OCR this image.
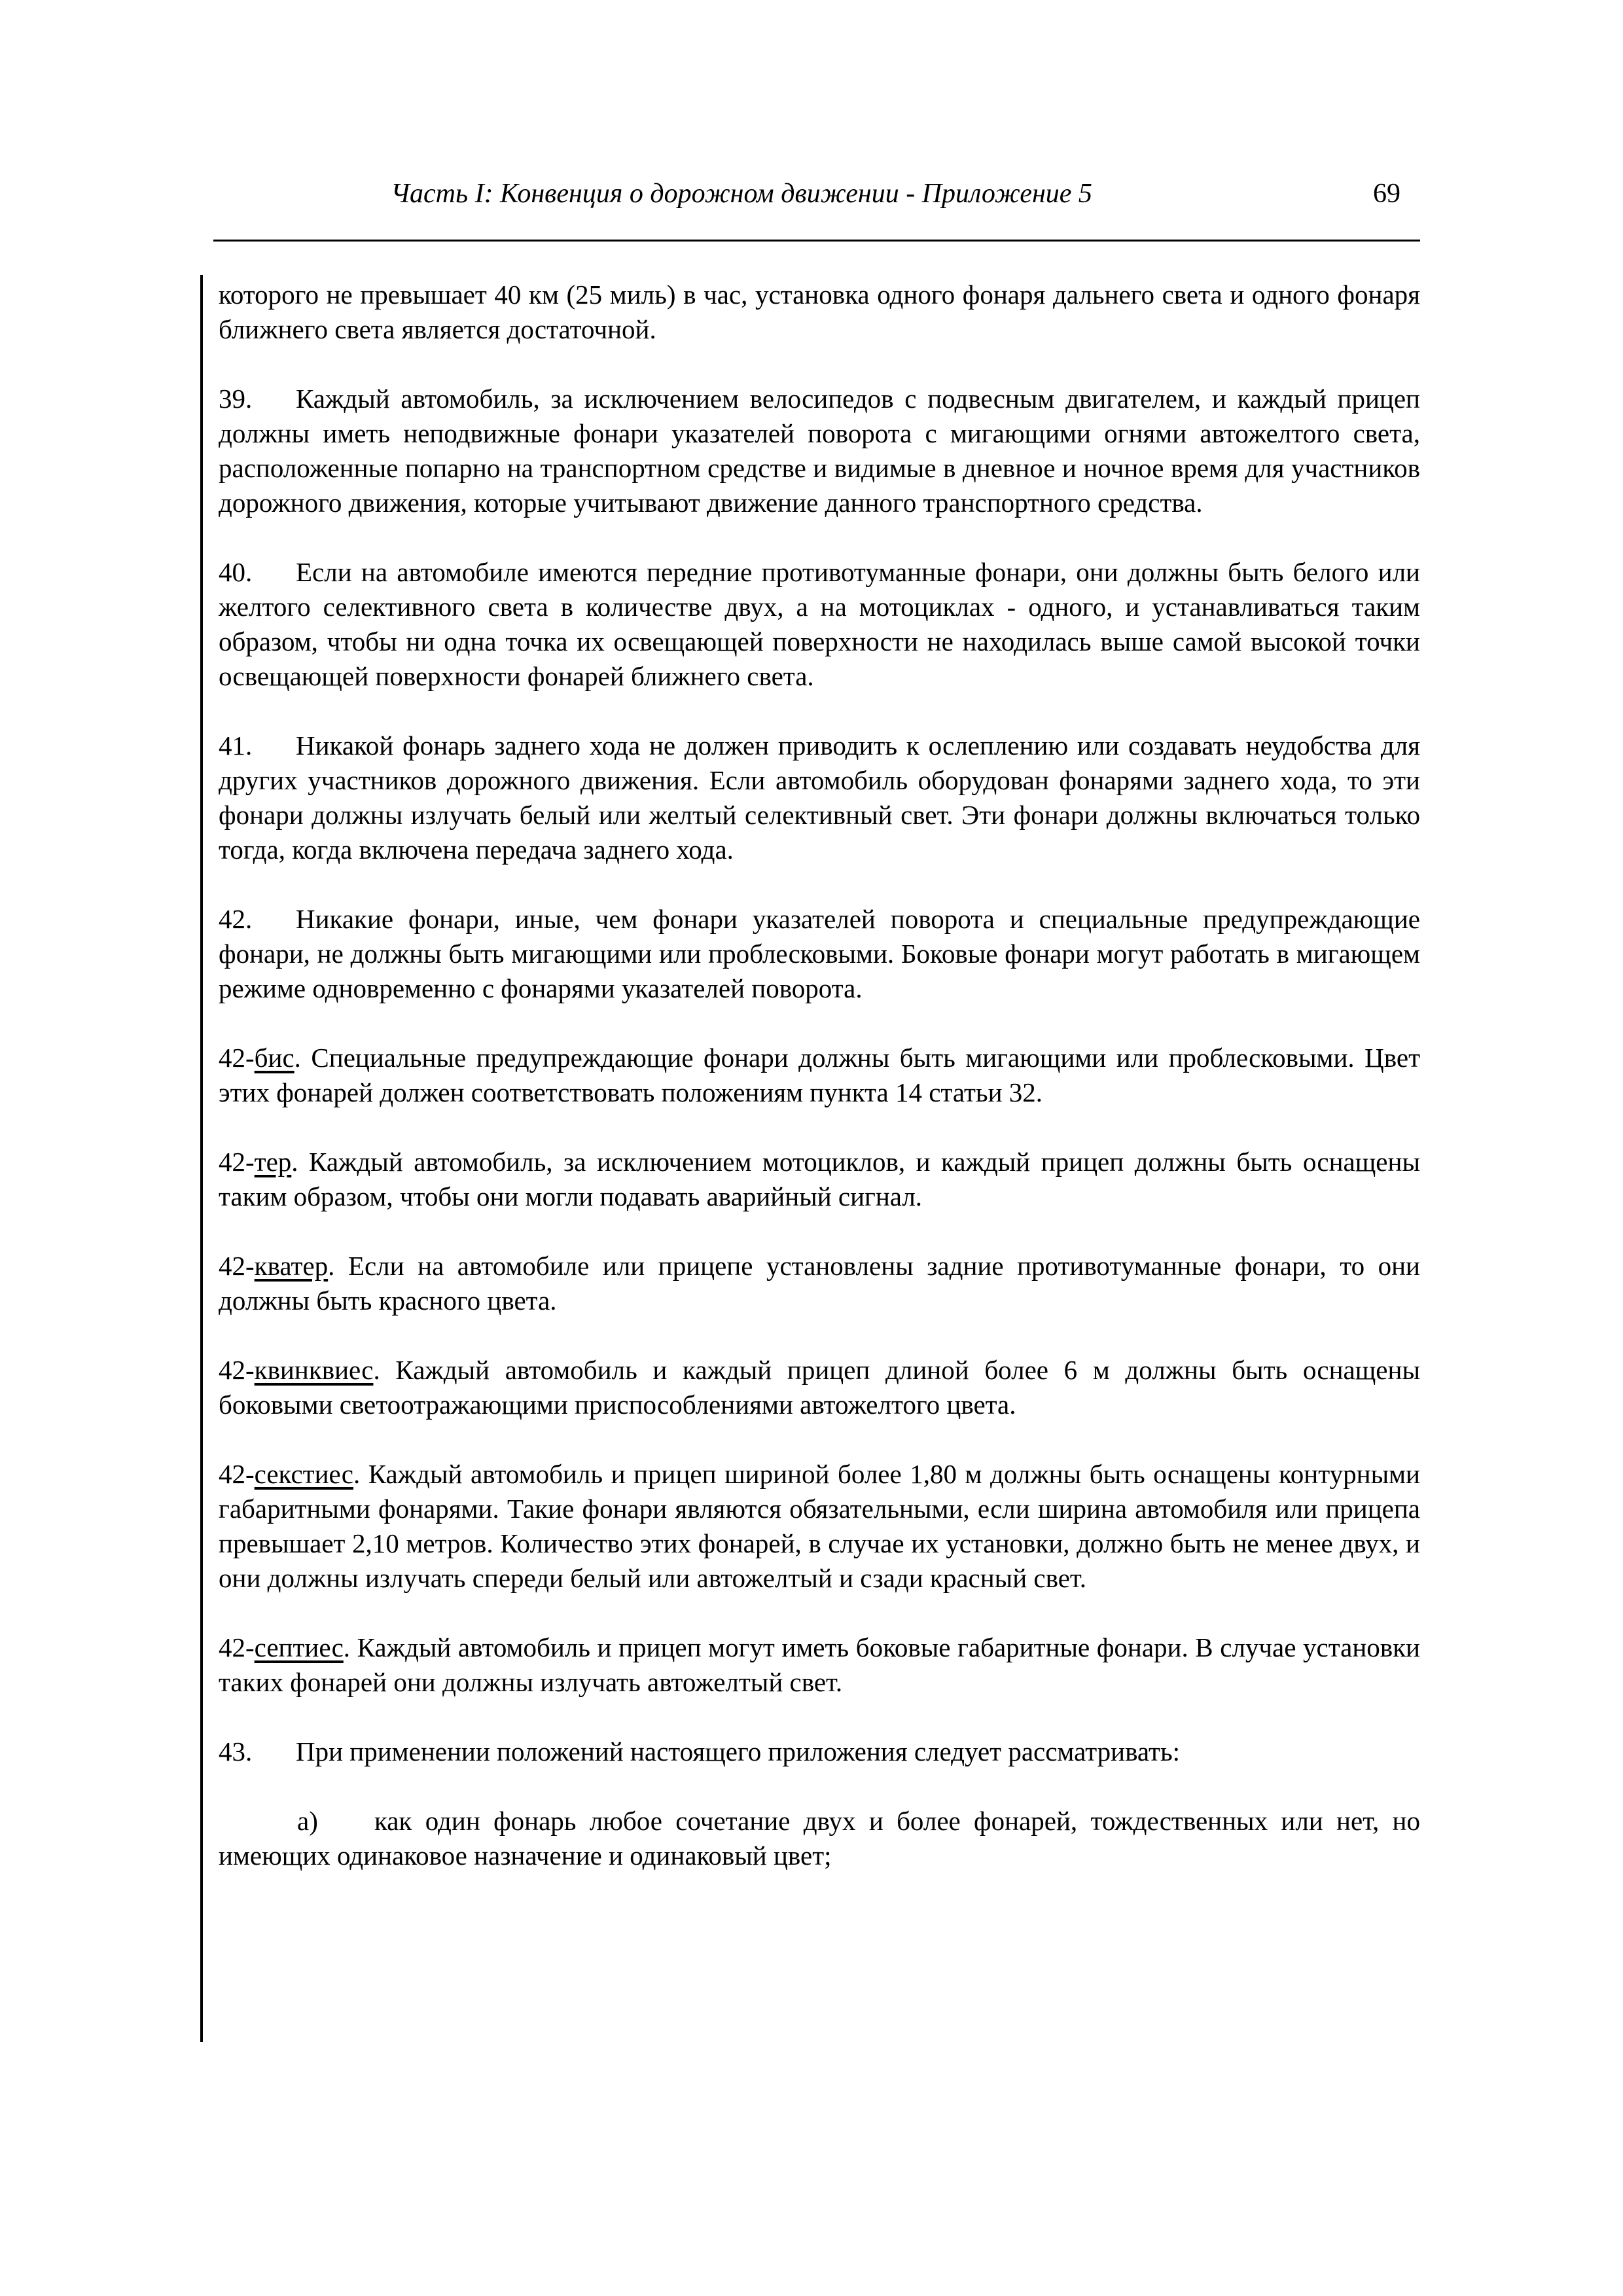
Часть I: Конвенция о дорожном движении - Приложение 5	69

которого не превышает 40 км (25 миль) в час, установка одного фонаря дальнего света и одного фонаря ближнего света является достаточной.

39. Каждый автомобиль, за исключением велосипедов с подвесным двигателем, и каждый прицеп должны иметь неподвижные фонари указателей поворота с мигающими огнями автожелтого света, расположенные попарно на транспортном средстве и видимые в дневное и ночное время для участников дорожного движения, которые учитывают движение данного транспортного средства.

40. Если на автомобиле имеются передние противотуманные фонари, они должны быть белого или желтого селективного света в количестве двух, а на мотоциклах - одного, и устанавливаться таким образом, чтобы ни одна точка их освещающей поверхности не находилась выше самой высокой точки освещающей поверхности фонарей ближнего света.

41. Никакой фонарь заднего хода не должен приводить к ослеплению или создавать неудобства для других участников дорожного движения. Если автомобиль оборудован фонарями заднего хода, то эти фонари должны излучать белый или желтый селективный свет. Эти фонари должны включаться только тогда, когда включена передача заднего хода.

42. Никакие фонари, иные, чем фонари указателей поворота и специальные предупреждающие фонари, не должны быть мигающими или проблесковыми. Боковые фонари могут работать в мигающем режиме одновременно с фонарями указателей поворота.

42-бис. Специальные предупреждающие фонари должны быть мигающими или проблесковыми. Цвет этих фонарей должен соответствовать положениям пункта 14 статьи 32.

42-тер. Каждый автомобиль, за исключением мотоциклов, и каждый прицеп должны быть оснащены таким образом, чтобы они могли подавать аварийный сигнал.

42-кватер. Если на автомобиле или прицепе установлены задние противотуманные фонари, то они должны быть красного цвета.

42-квинквиес. Каждый автомобиль и каждый прицеп длиной более 6 м должны быть оснащены боковыми светоотражающими приспособлениями автожелтого цвета.

42-секстиес. Каждый автомобиль и прицеп шириной более 1,80 м должны быть оснащены контурными габаритными фонарями. Такие фонари являются обязательными, если ширина автомобиля или прицепа превышает 2,10 метров. Количество этих фонарей, в случае их установки, должно быть не менее двух, и они должны излучать спереди белый или автожелтый и сзади красный свет.

42-септиес. Каждый автомобиль и прицеп могут иметь боковые габаритные фонари. В случае установки таких фонарей они должны излучать автожелтый свет.

43. При применении положений настоящего приложения следует рассматривать:

а) как один фонарь любое сочетание двух и более фонарей, тождественных или нет, но имеющих одинаковое назначение и одинаковый цвет;
